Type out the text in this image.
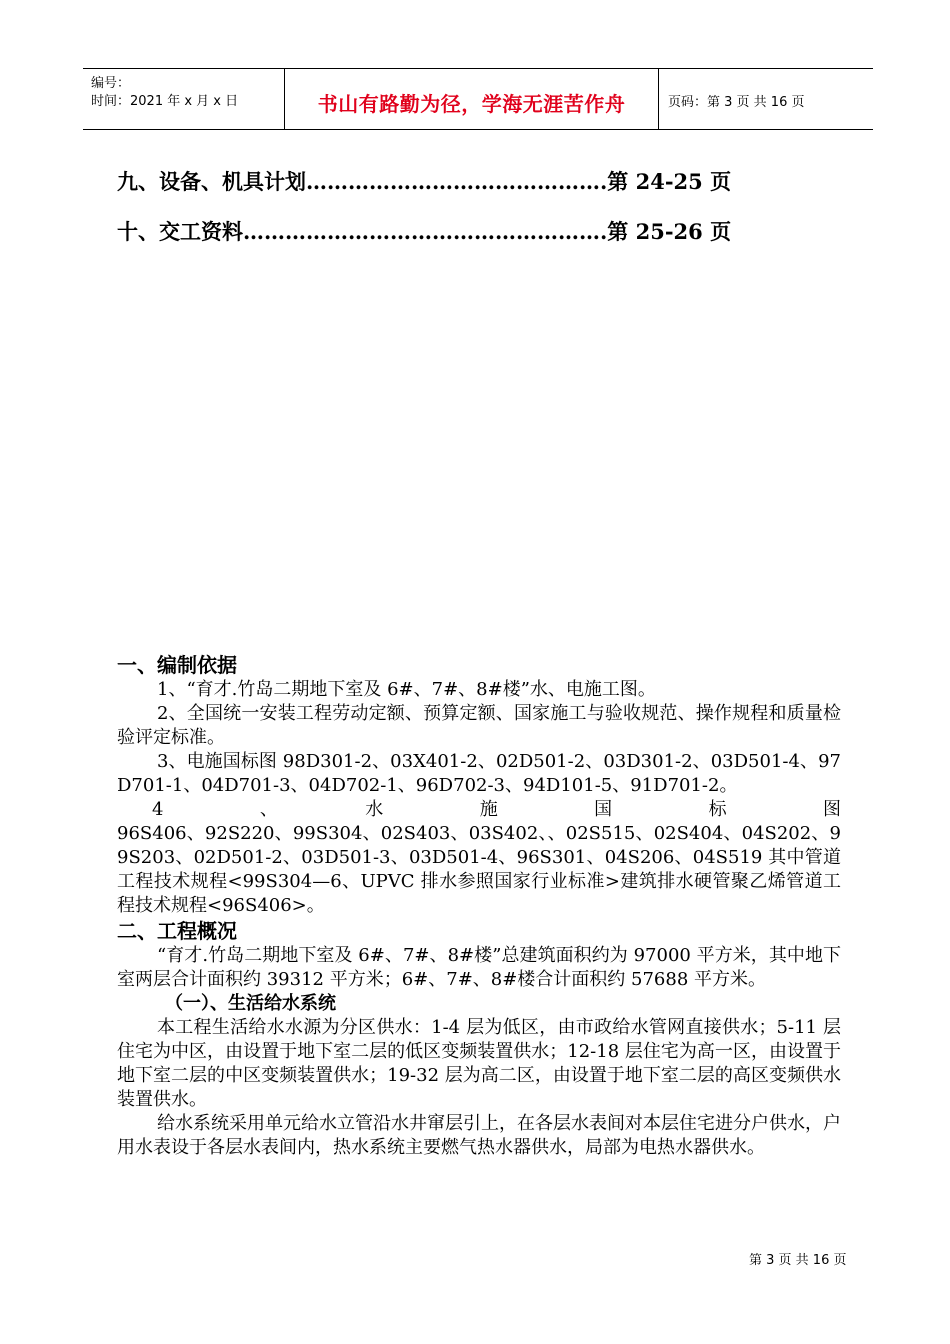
编号：
时间：2021 年 x 月 x 日	书山有路勤为径，学海无涯苦作舟	页码：第 3 页 共 16 页
九、设备、机具计划…………………………………….第 24-25 页
十、交工资料…………………………………………….第 25-26 页
一、编制依据
1、“育才.竹岛二期地下室及 6#、7#、8#楼”水、电施工图。
2、全国统一安装工程劳动定额、预算定额、国家施工与验收规范、操作规程和质量检验评定标准。
3、电施国标图 98D301-2、03X401-2、02D501-2、03D301-2、03D501-4、97D701-1、04D701-3、04D702-1、96D702-3、94D101-5、91D701-2。
4　　　　、　　　　水　　　　施　　　　国　　　　标　　　　图
96S406、92S220、99S304、02S403、03S402、、02S515、02S404、04S202、99S203、02D501-2、03D501-3、03D501-4、96S301、04S206、04S519 其中管道工程技术规程<99S304—6、UPVC 排水参照国家行业标准>建筑排水硬管聚乙烯管道工程技术规程<96S406>。
二、工程概况
“育才.竹岛二期地下室及 6#、7#、8#楼”总建筑面积约为 97000 平方米，其中地下室两层合计面积约 39312 平方米；6#、7#、8#楼合计面积约 57688 平方米。
（一）、生活给水系统
本工程生活给水水源为分区供水：1-4 层为低区，由市政给水管网直接供水；5-11 层住宅为中区，由设置于地下室二层的低区变频装置供水；12-18 层住宅为高一区，由设置于地下室二层的中区变频装置供水；19-32 层为高二区，由设置于地下室二层的高区变频供水装置供水。
给水系统采用单元给水立管沿水井窜层引上，在各层水表间对本层住宅进分户供水，户用水表设于各层水表间内，热水系统主要燃气热水器供水，局部为电热水器供水。
第 3 页 共 16 页
